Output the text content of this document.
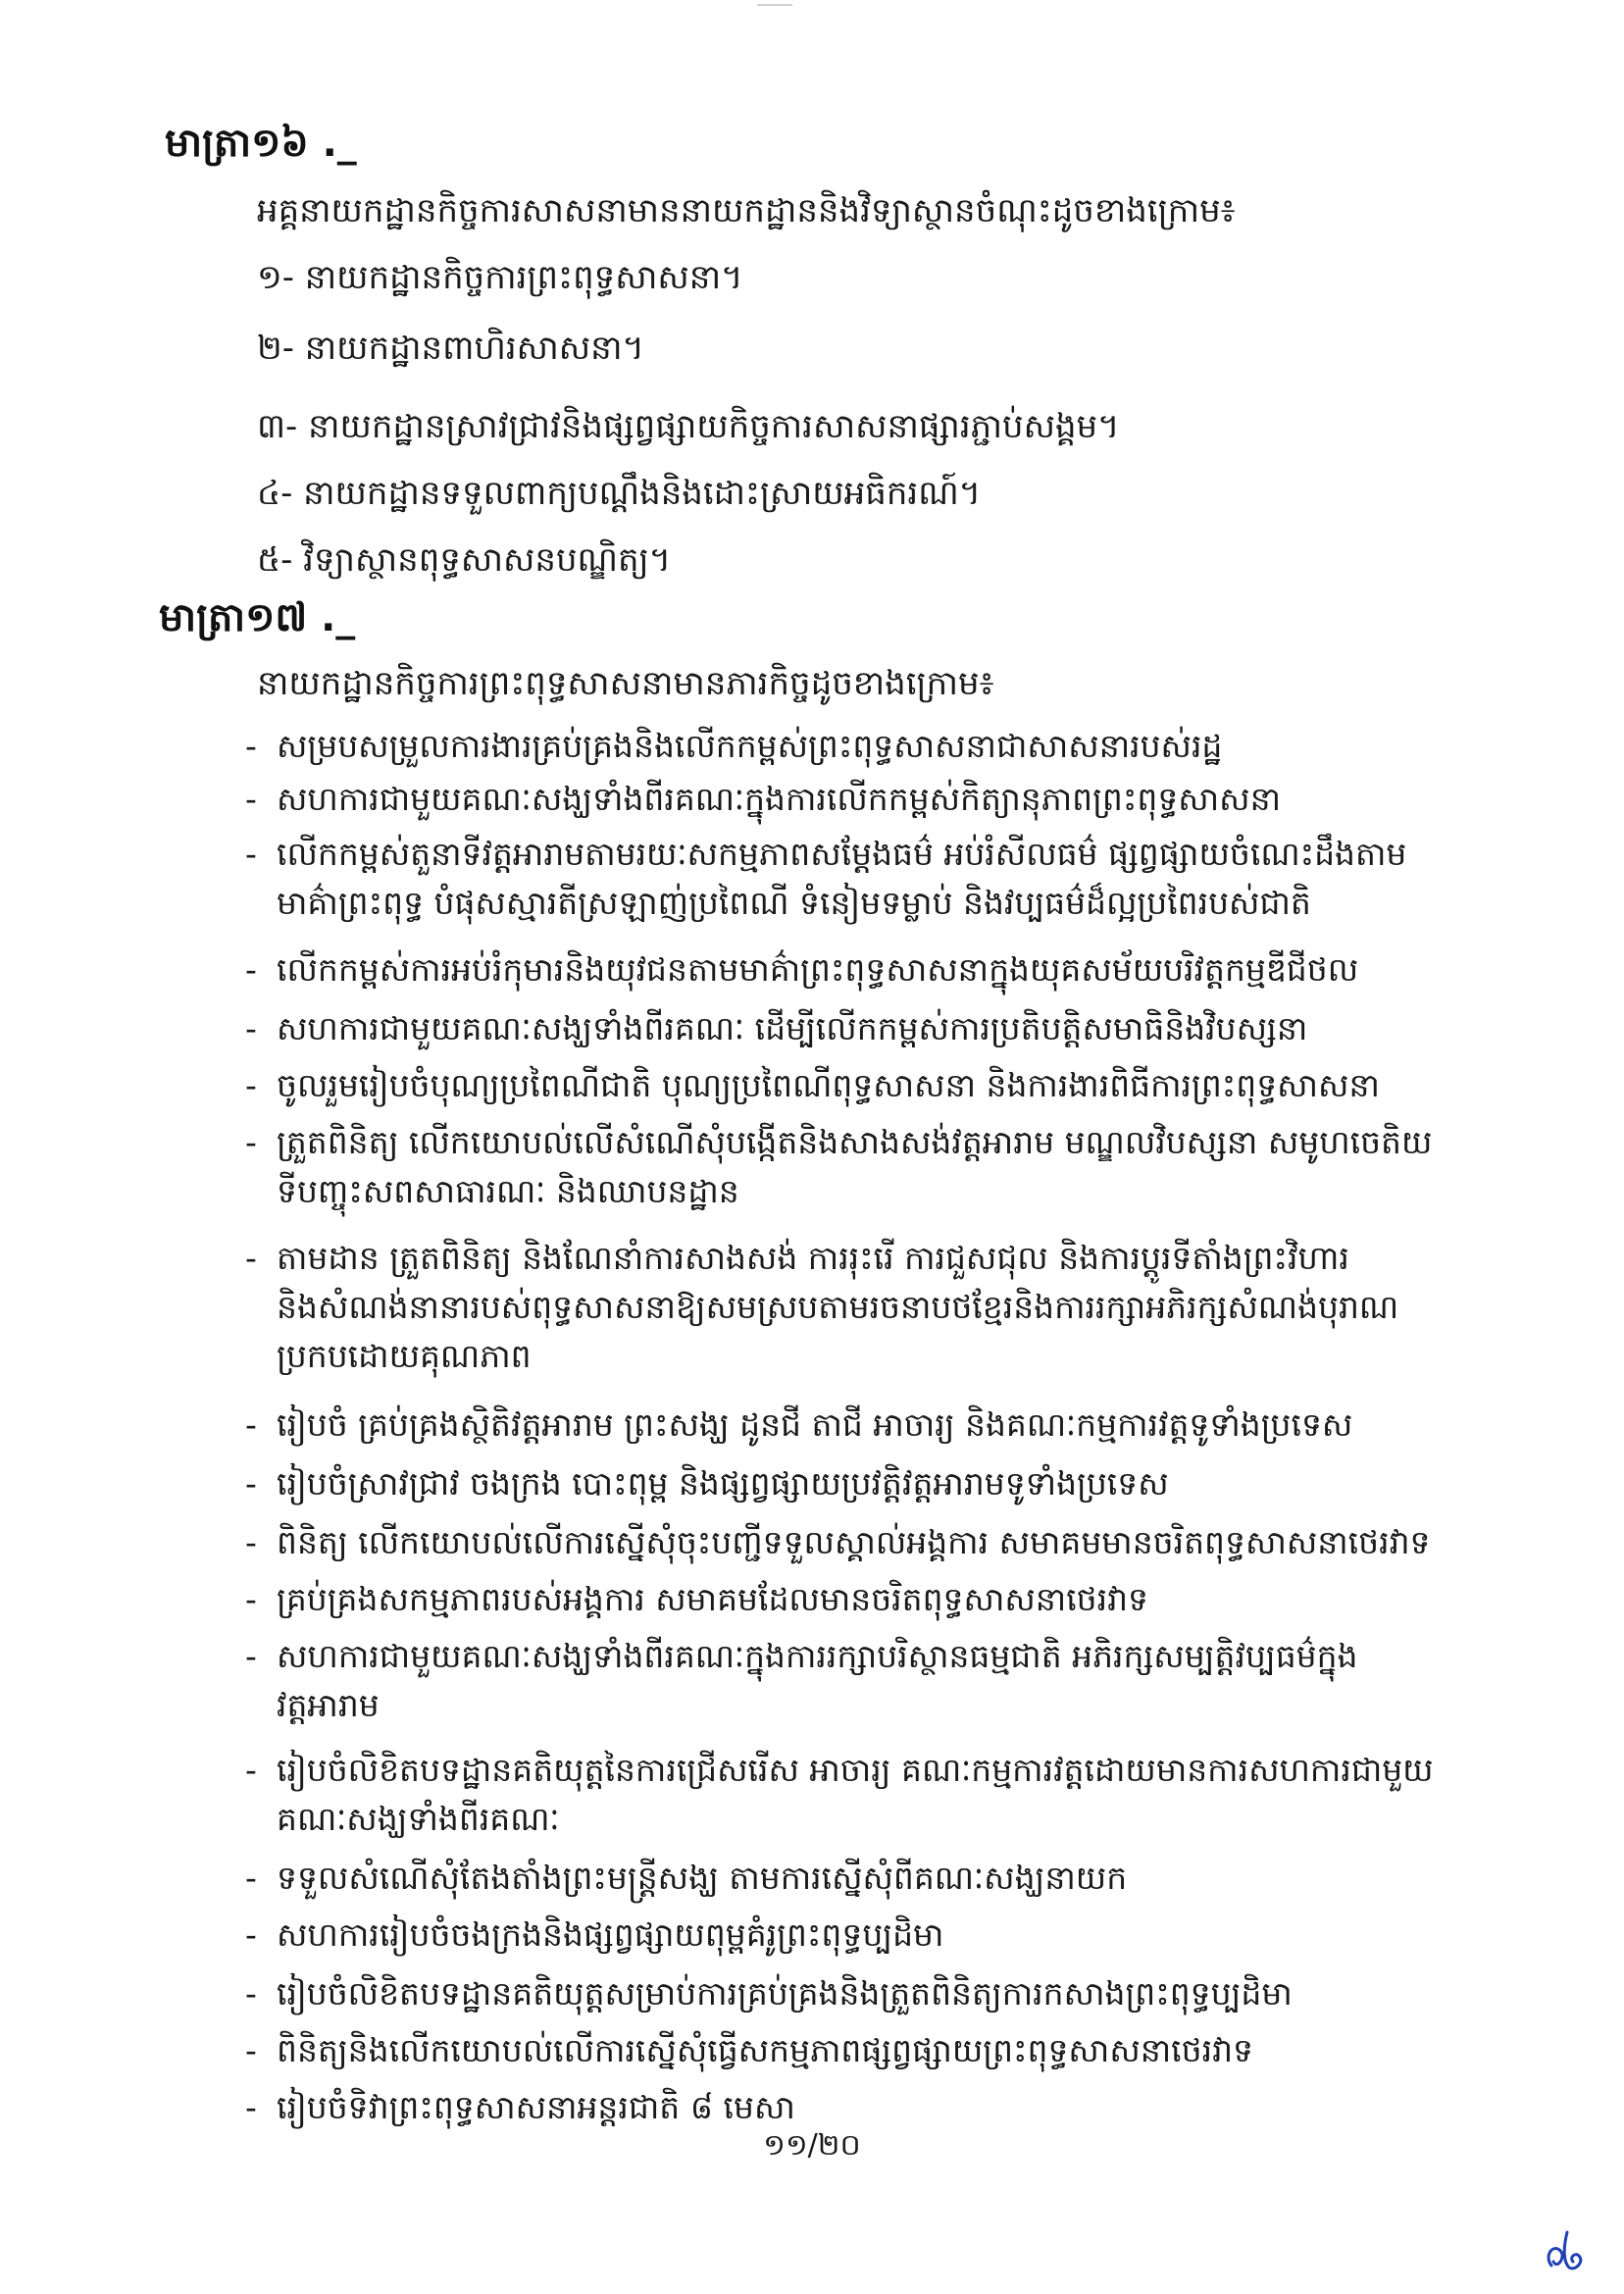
មាត្រា១៦ ._
អគ្គនាយកដ្ឋានកិច្ចការសាសនាមាននាយកដ្ឋាននិងវិទ្យាស្ថានចំណុះដូចខាងក្រោម៖
១- នាយកដ្ឋានកិច្ចការព្រះពុទ្ធសាសនា។
២- នាយកដ្ឋានពាហិរសាសនា។
៣- នាយកដ្ឋានស្រាវជ្រាវនិងផ្សព្វផ្សាយកិច្ចការសាសនាផ្សារភ្ជាប់សង្គម។
៤- នាយកដ្ឋានទទួលពាក្យបណ្តឹងនិងដោះស្រាយអធិករណ៍។
៥- វិទ្យាស្ថានពុទ្ធសាសនបណ្ឌិត្យ។
មាត្រា១៧ ._
នាយកដ្ឋានកិច្ចការព្រះពុទ្ធសាសនាមានភារកិច្ចដូចខាងក្រោម៖
- សម្របសម្រួលការងារគ្រប់គ្រងនិងលើកកម្ពស់ព្រះពុទ្ធសាសនាជាសាសនារបស់រដ្ឋ
- សហការជាមួយគណៈសង្ឃទាំងពីរគណៈក្នុងការលើកកម្ពស់កិត្យានុភាពព្រះពុទ្ធសាសនា
- លើកកម្ពស់តួនាទីវត្តអារាមតាមរយៈសកម្មភាពសម្តែងធម៌ អប់រំសីលធម៌ ផ្សព្វផ្សាយចំណេះដឹងតាម
មាគ៌ាព្រះពុទ្ធ បំផុសស្មារតីស្រឡាញ់ប្រពៃណី ទំនៀមទម្លាប់ និងវប្បធម៌ដ៏ល្អប្រពៃរបស់ជាតិ
- លើកកម្ពស់ការអប់រំកុមារនិងយុវជនតាមមាគ៌ាព្រះពុទ្ធសាសនាក្នុងយុគសម័យបរិវត្តកម្មឌីជីថល
- សហការជាមួយគណៈសង្ឃទាំងពីរគណៈ ដើម្បីលើកកម្ពស់ការប្រតិបត្តិសមាធិនិងវិបស្សនា
- ចូលរួមរៀបចំបុណ្យប្រពៃណីជាតិ បុណ្យប្រពៃណីពុទ្ធសាសនា និងការងារពិធីការព្រះពុទ្ធសាសនា
- ត្រួតពិនិត្យ លើកយោបល់លើសំណើសុំបង្កើតនិងសាងសង់វត្តអារាម មណ្ឌលវិបស្សនា សមូហចេតិយ
ទីបញ្ចុះសពសាធារណៈ និងឈាបនដ្ឋាន
- តាមដាន ត្រួតពិនិត្យ និងណែនាំការសាងសង់ ការរុះរើ ការជួសជុល និងការប្តូរទីតាំងព្រះវិហារ
និងសំណង់នានារបស់ពុទ្ធសាសនាឱ្យសមស្របតាមរចនាបថខ្មែរនិងការរក្សាអភិរក្សសំណង់បុរាណ
ប្រកបដោយគុណភាព
- រៀបចំ គ្រប់គ្រងស្ថិតិវត្តអារាម ព្រះសង្ឃ ដូនជី តាជី អាចារ្យ និងគណៈកម្មការវត្តទូទាំងប្រទេស
- រៀបចំស្រាវជ្រាវ ចងក្រង បោះពុម្ព និងផ្សព្វផ្សាយប្រវត្តិវត្តអារាមទូទាំងប្រទេស
- ពិនិត្យ លើកយោបល់លើការស្នើសុំចុះបញ្ជីទទួលស្គាល់អង្គការ សមាគមមានចរិតពុទ្ធសាសនាថេរវាទ
- គ្រប់គ្រងសកម្មភាពរបស់អង្គការ សមាគមដែលមានចរិតពុទ្ធសាសនាថេរវាទ
- សហការជាមួយគណៈសង្ឃទាំងពីរគណៈក្នុងការរក្សាបរិស្ថានធម្មជាតិ អភិរក្សសម្បត្តិវប្បធម៌ក្នុង
វត្តអារាម
- រៀបចំលិខិតបទដ្ឋានគតិយុត្តនៃការជ្រើសរើស អាចារ្យ គណៈកម្មការវត្តដោយមានការសហការជាមួយ
គណៈសង្ឃទាំងពីរគណៈ
- ទទួលសំណើសុំតែងតាំងព្រះមន្រ្តីសង្ឃ តាមការស្នើសុំពីគណៈសង្ឃនាយក
- សហការរៀបចំចងក្រងនិងផ្សព្វផ្សាយពុម្ពគំរូព្រះពុទ្ធប្បដិមា
- រៀបចំលិខិតបទដ្ឋានគតិយុត្តសម្រាប់ការគ្រប់គ្រងនិងត្រួតពិនិត្យការកសាងព្រះពុទ្ធប្បដិមា
- ពិនិត្យនិងលើកយោបល់លើការស្នើសុំធ្វើសកម្មភាពផ្សព្វផ្សាយព្រះពុទ្ធសាសនាថេរវាទ
- រៀបចំទិវាព្រះពុទ្ធសាសនាអន្តរជាតិ ៨ មេសា
១១/២០
